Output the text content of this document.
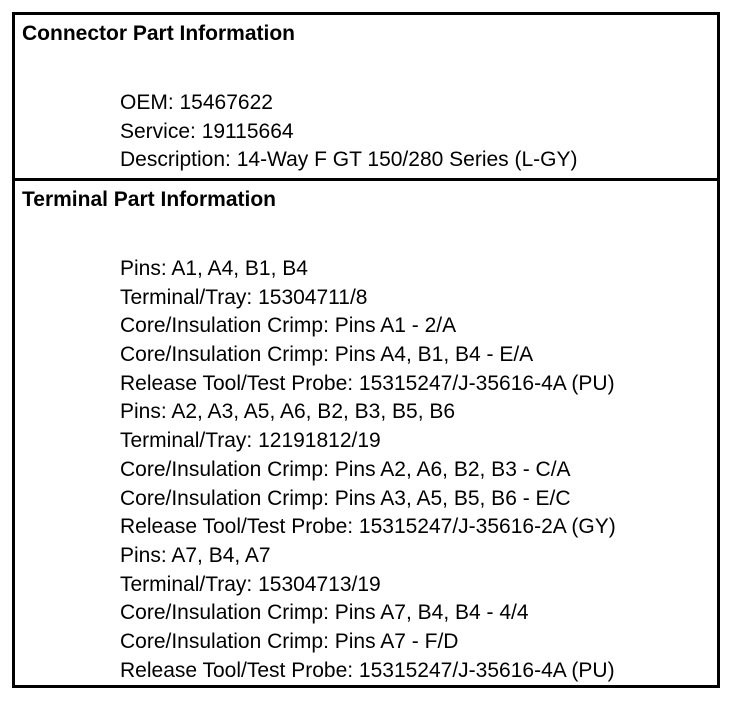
Connector Part Information
OEM: 15467622
Service: 19115664
Description: 14-Way F GT 150/280 Series (L-GY)
Terminal Part Information
Pins: A1, A4, B1, B4
Terminal/Tray: 15304711/8
Core/Insulation Crimp: Pins A1 - 2/A
Core/Insulation Crimp: Pins A4, B1, B4 - E/A
Release Tool/Test Probe: 15315247/J-35616-4A (PU)
Pins: A2, A3, A5, A6, B2, B3, B5, B6
Terminal/Tray: 12191812/19
Core/Insulation Crimp: Pins A2, A6, B2, B3 - C/A
Core/Insulation Crimp: Pins A3, A5, B5, B6 - E/C
Release Tool/Test Probe: 15315247/J-35616-2A (GY)
Pins: A7, B4, A7
Terminal/Tray: 15304713/19
Core/Insulation Crimp: Pins A7, B4, B4 - 4/4
Core/Insulation Crimp: Pins A7 - F/D
Release Tool/Test Probe: 15315247/J-35616-4A (PU)
